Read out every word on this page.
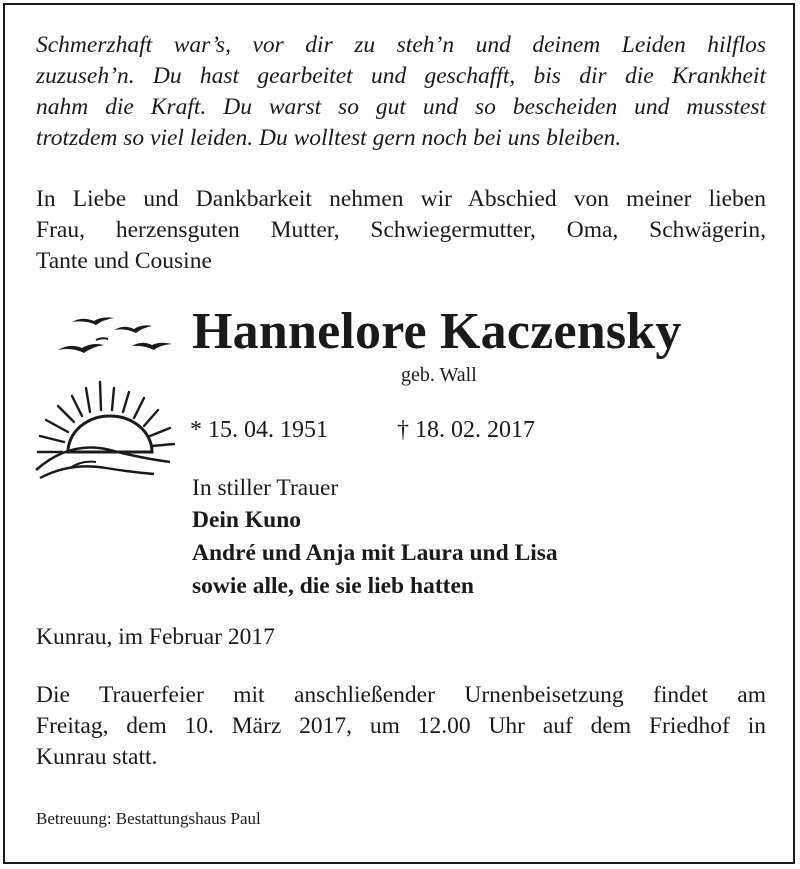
Schmerzhaft war’s, vor dir zu steh’n und deinem Leiden hilflos
zuzuseh’n. Du hast gearbeitet und geschafft, bis dir die Krankheit
nahm die Kraft. Du warst so gut und so bescheiden und musstest
trotzdem so viel leiden. Du wolltest gern noch bei uns bleiben.
In Liebe und Dankbarkeit nehmen wir Abschied von meiner lieben
Frau, herzensguten Mutter, Schwiegermutter, Oma, Schwägerin,
Tante und Cousine
Hannelore Kaczensky
geb. Wall
* 15. 04. 1951	† 18. 02. 2017
In stiller Trauer
Dein Kuno
André und Anja mit Laura und Lisa
sowie alle, die sie lieb hatten
Kunrau, im Februar 2017
Die Trauerfeier mit anschließender Urnenbeisetzung findet am
Freitag, dem 10. März 2017, um 12.00 Uhr auf dem Friedhof in
Kunrau statt.
Betreuung: Bestattungshaus Paul
